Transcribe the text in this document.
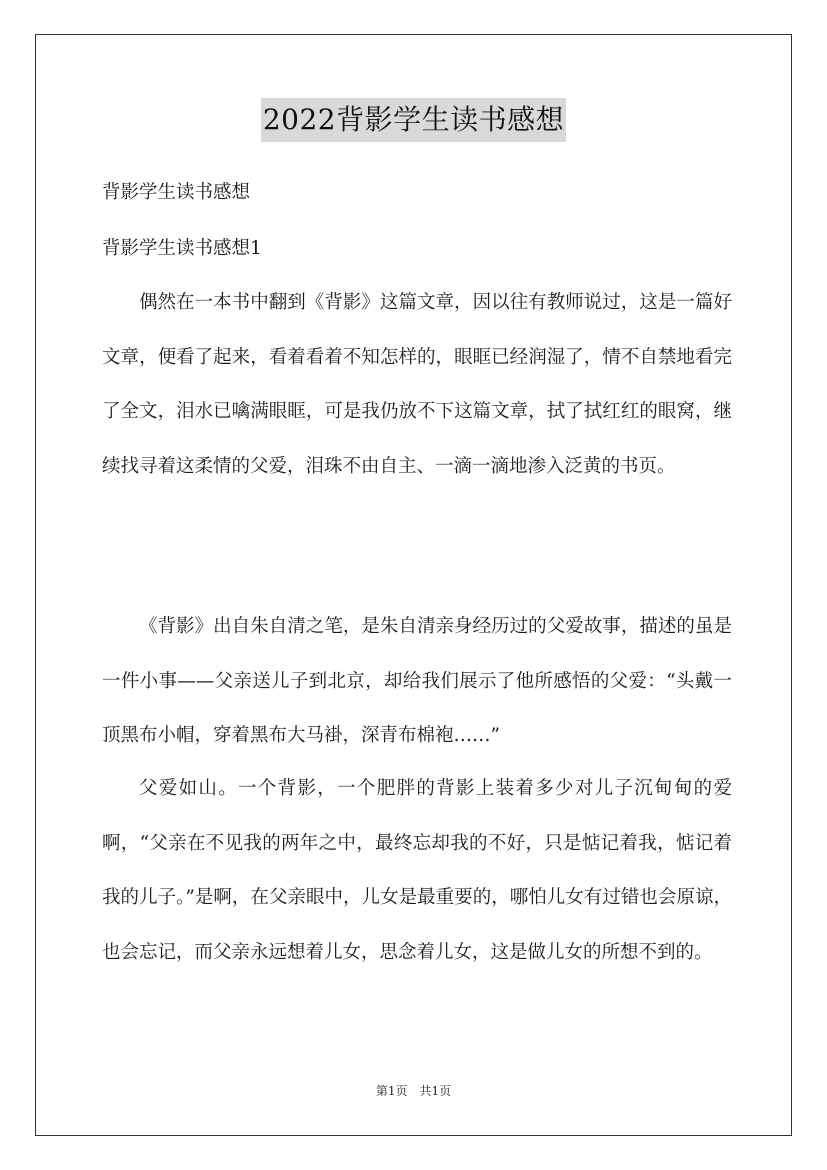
2022背影学生读书感想
背影学生读书感想
背影学生读书感想1
偶然在一本书中翻到《背影》这篇文章，因以往有教师说过，这是一篇好文章，便看了起来，看着看着不知怎样的，眼眶已经润湿了，情不自禁地看完了全文，泪水已噙满眼眶，可是我仍放不下这篇文章，拭了拭红红的眼窝，继续找寻着这柔情的父爱，泪珠不由自主、一滴一滴地渗入泛黄的书页。
《背影》出自朱自清之笔，是朱自清亲身经历过的父爱故事，描述的虽是一件小事——父亲送儿子到北京，却给我们展示了他所感悟的父爱：“头戴一顶黑布小帽，穿着黑布大马褂，深青布棉袍……”
父爱如山。一个背影，一个肥胖的背影上装着多少对儿子沉甸甸的爱啊，“父亲在不见我的两年之中，最终忘却我的不好，只是惦记着我，惦记着我的儿子。”是啊，在父亲眼中，儿女是最重要的，哪怕儿女有过错也会原谅，也会忘记，而父亲永远想着儿女，思念着儿女，这是做儿女的所想不到的。
第1页　共1页
